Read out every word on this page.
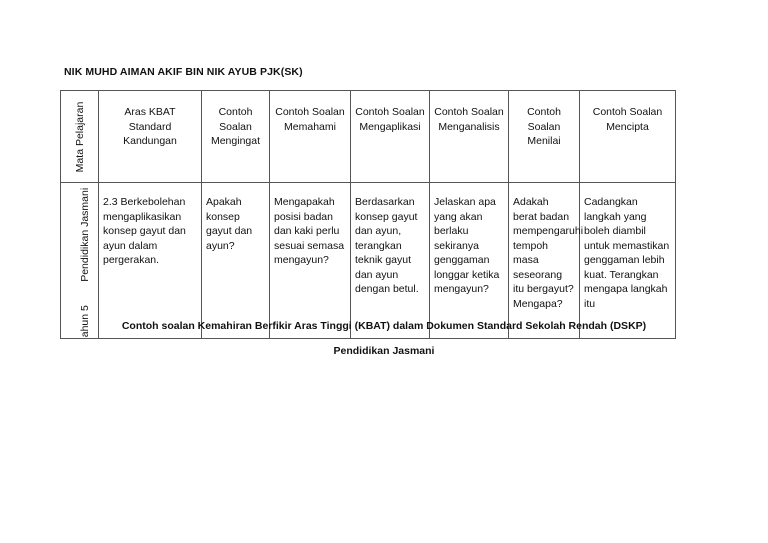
NIK MUHD AIMAN AKIF BIN NIK AYUB PJK(SK)
Mata Pelajaran	Aras KBAT Standard Kandungan	Contoh Soalan Mengingat	Contoh Soalan Memahami	Contoh Soalan Mengaplikasi	Contoh Soalan Menganalisis	Contoh Soalan Menilai	Contoh Soalan Mencipta

ahun 5        Pendidikan Jasmani	2.3 Berkebolehan mengaplikasikan konsep gayut dan ayun dalam pergerakan.	Apakah konsep gayut dan ayun?	Mengapakah posisi badan dan kaki perlu sesuai semasa mengayun?	Berdasarkan konsep gayut dan ayun, terangkan teknik gayut dan ayun dengan betul.	Jelaskan apa yang akan berlaku sekiranya genggaman longgar ketika mengayun?	Adakah berat badan mempengaruhi tempoh masa seseorang itu bergayut? Mengapa?	Cadangkan langkah yang boleh diambil untuk memastikan genggaman lebih kuat. Terangkan mengapa langkah itu
Contoh soalan Kemahiran Berfikir Aras Tinggi (KBAT) dalam Dokumen Standard Sekolah Rendah (DSKP)
Pendidikan Jasmani
